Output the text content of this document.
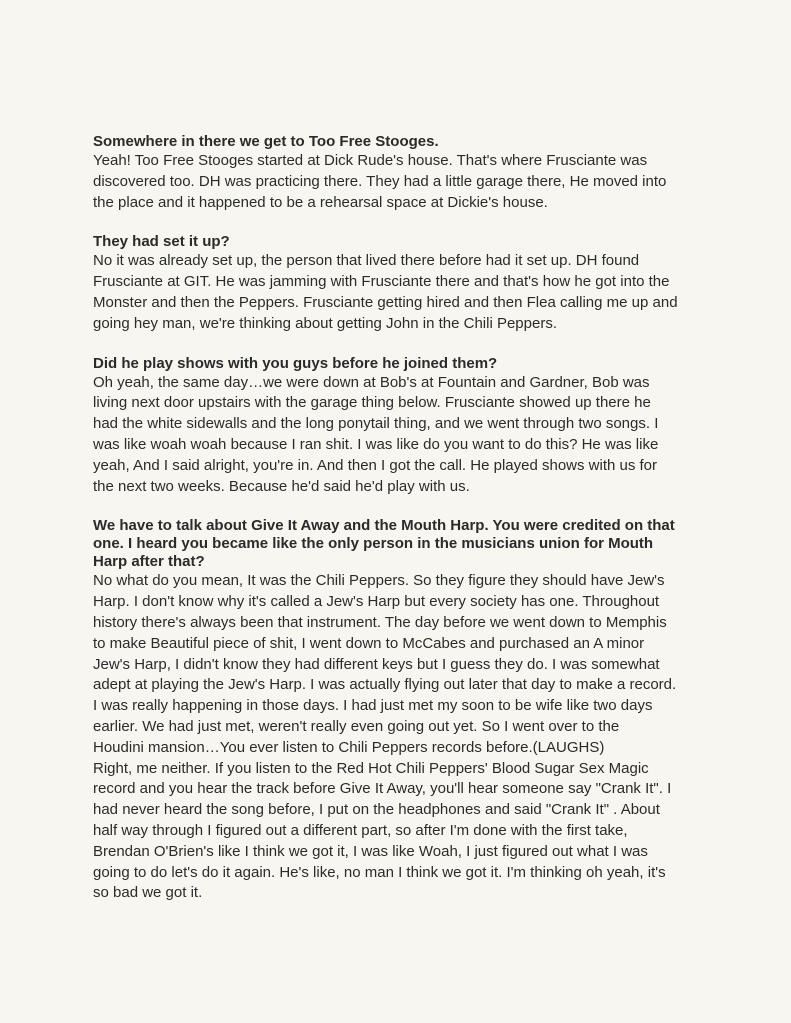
Somewhere in there we get to Too Free Stooges.

Yeah! Too Free Stooges started at Dick Rude's house. That's where Frusciante was
discovered too. DH was practicing there. They had a little garage there, He moved into
the place and it happened to be a rehearsal space at Dickie's house.

They had set it up?

No it was already set up, the person that lived there before had it set up. DH found
Frusciante at GIT. He was jamming with Frusciante there and that's how he got into the
Monster and then the Peppers. Frusciante getting hired and then Flea calling me up and
going hey man, we're thinking about getting John in the Chili Peppers.

Did he play shows with you guys before he joined them?

Oh yeah, the same day…we were down at Bob's at Fountain and Gardner, Bob was
living next door upstairs with the garage thing below. Frusciante showed up there he
had the white sidewalls and the long ponytail thing, and we went through two songs. I
was like woah woah because I ran shit. I was like do you want to do this? He was like
yeah, And I said alright, you're in. And then I got the call. He played shows with us for
the next two weeks. Because he'd said he'd play with us.

We have to talk about Give It Away and the Mouth Harp. You were credited on that
one. I heard you became like the only person in the musicians union for Mouth
Harp after that?

No what do you mean, It was the Chili Peppers. So they figure they should have Jew's
Harp. I don't know why it's called a Jew's Harp but every society has one. Throughout
history there's always been that instrument. The day before we went down to Memphis
to make Beautiful piece of shit, I went down to McCabes and purchased an A minor
Jew's Harp, I didn't know they had different keys but I guess they do. I was somewhat
adept at playing the Jew's Harp. I was actually flying out later that day to make a record.
I was really happening in those days. I had just met my soon to be wife like two days
earlier. We had just met, weren't really even going out yet. So I went over to the
Houdini mansion…You ever listen to Chili Peppers records before.(LAUGHS)
Right, me neither. If you listen to the Red Hot Chili Peppers' Blood Sugar Sex Magic
record and you hear the track before Give It Away, you'll hear someone say "Crank It". I
had never heard the song before, I put on the headphones and said "Crank It" . About
half way through I figured out a different part, so after I'm done with the first take,
Brendan O'Brien's like I think we got it, I was like Woah, I just figured out what I was
going to do let's do it again. He's like, no man I think we got it. I'm thinking oh yeah, it's
so bad we got it.
